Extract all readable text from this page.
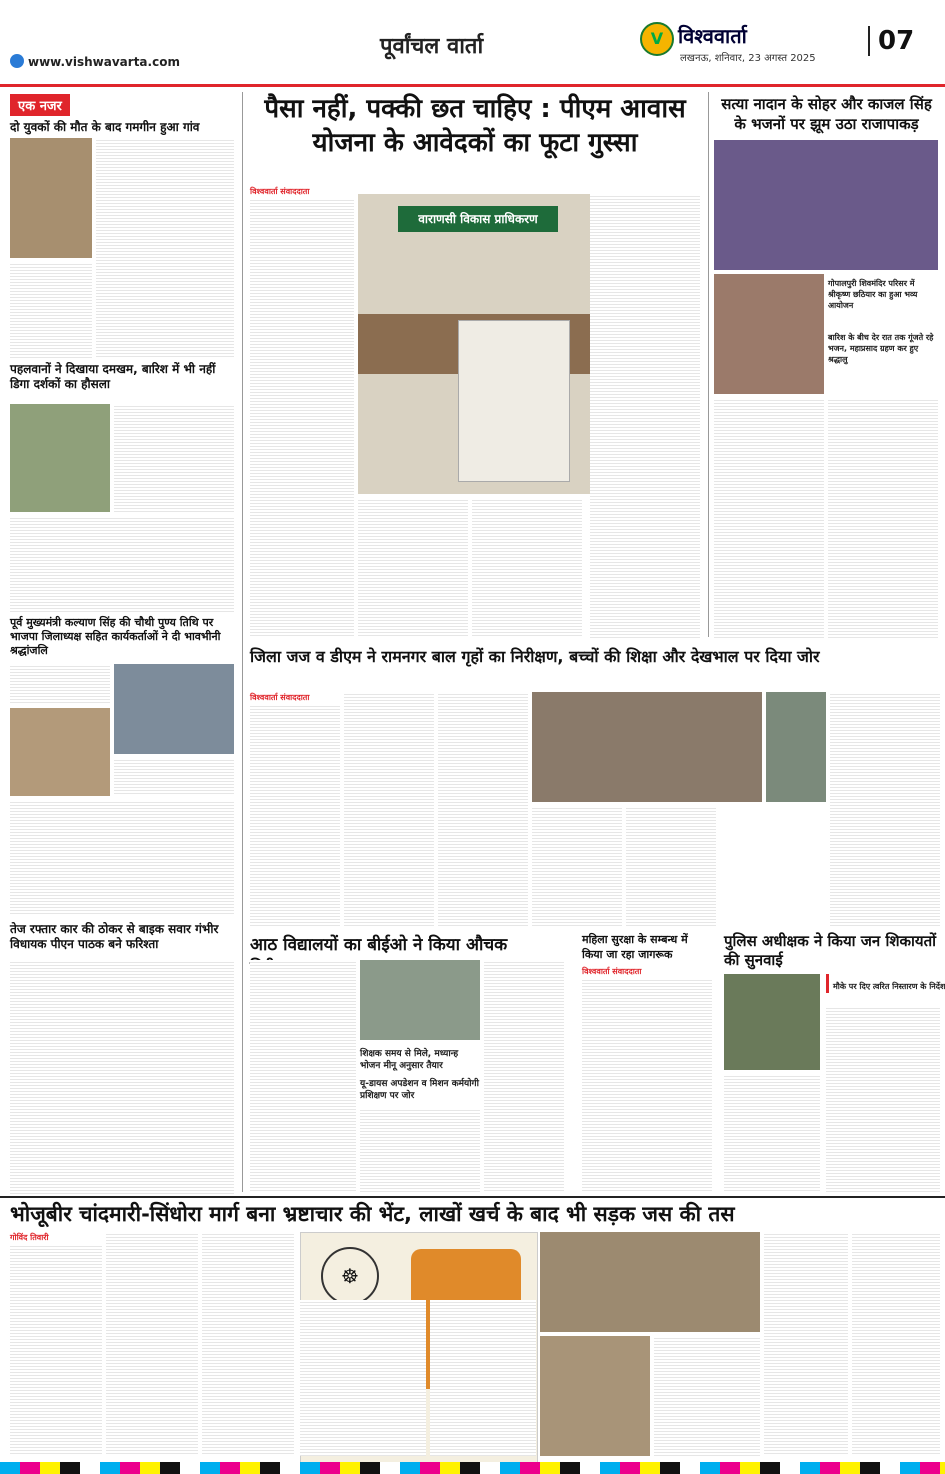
पूर्वांचल वार्ता
www.vishwavarta.com
V विश्ववार्ता
लखनऊ, शनिवार, 23 अगस्त 2025
07
एक नजर
दो युवकों की मौत के बाद गमगीन हुआ गांव
पहलवानों ने दिखाया दमखम, बारिश में भी नहीं डिगा दर्शकों का हौसला
पूर्व मुख्यमंत्री कल्याण सिंह की चौथी पुण्य तिथि पर भाजपा जिलाध्यक्ष सहित कार्यकर्ताओं ने दी भावभीनी श्रद्धांजलि
तेज रफ्तार कार की ठोकर से बाइक सवार गंभीर विधायक पीएन पाठक बने फरिश्ता
पैसा नहीं, पक्की छत चाहिए : पीएम आवास योजना के आवेदकों का फूटा गुस्सा
विश्ववार्ता संवाददाता
वाराणसी विकास प्राधिकरण
सत्या नादान के सोहर और काजल सिंह के भजनों पर झूम उठा राजापाकड़
गोपालपुरी शिवमंदिर परिसर में श्रीकृष्ण छठियार का हुआ भव्य आयोजन
बारिश के बीच देर रात तक गूंजते रहे भजन, महाप्रसाद ग्रहण कर हुए श्रद्धालु
जिला जज व डीएम ने रामनगर बाल गृहों का निरीक्षण, बच्चों की शिक्षा और देखभाल पर दिया जोर
विश्ववार्ता संवाददाता
आठ विद्यालयों का बीईओ ने किया औचक
शिक्षक समय से मिले, मध्यान्ह भोजन मीनू अनुसार तैयार
यू-डायस अपडेशन व मिशन कर्मयोगी प्रशिक्षण पर जोर
महिला सुरक्षा के सम्बन्ध में किया जा रहा जागरूक
विश्ववार्ता संवाददाता
पुलिस अधीक्षक ने किया जन शिकायतों की सुनवाई
मौके पर दिए त्वरित निस्तारण के निर्देश
भोजूबीर चांदमारी-सिंधोरा मार्ग बना भ्रष्टाचार की भेंट, लाखों खर्च के बाद भी सड़क जस की तस
गोविंद तिवारी
☸
